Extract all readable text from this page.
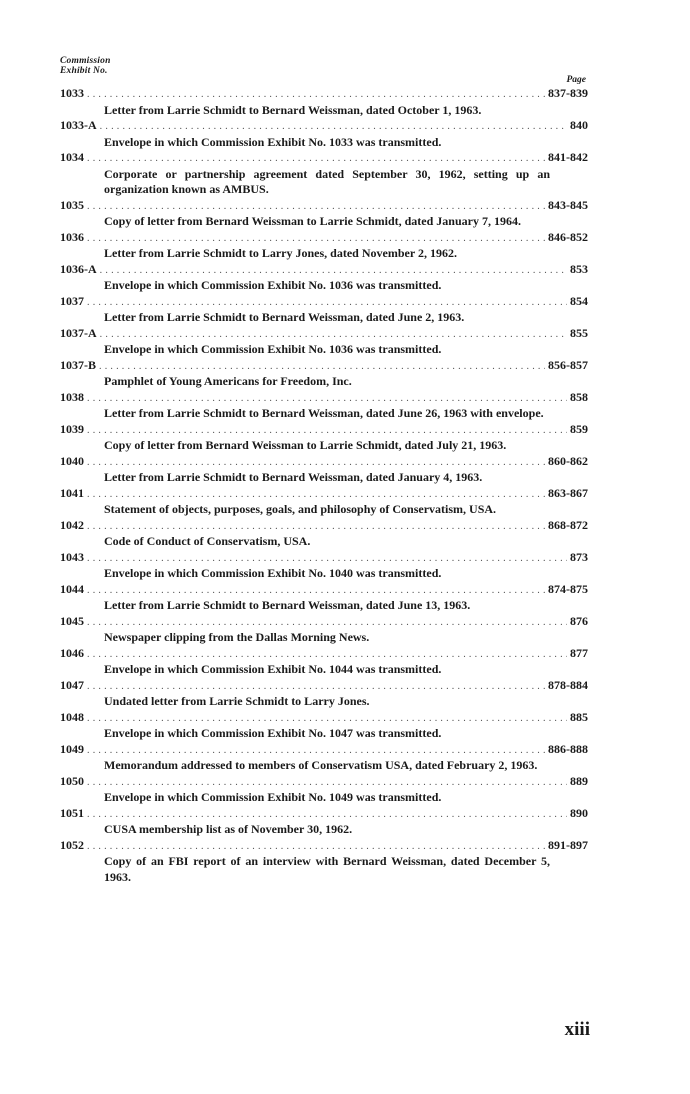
Commission
Exhibit No.
Page
1033 .....	837-839
Letter from Larrie Schmidt to Bernard Weissman, dated October 1, 1963.
1033-A .....	840
Envelope in which Commission Exhibit No. 1033 was transmitted.
1034 .....	841-842
Corporate or partnership agreement dated September 30, 1962, setting up an organization known as AMBUS.
1035 .....	843-845
Copy of letter from Bernard Weissman to Larrie Schmidt, dated January 7, 1964.
1036 .....	846-852
Letter from Larrie Schmidt to Larry Jones, dated November 2, 1962.
1036-A .....	853
Envelope in which Commission Exhibit No. 1036 was transmitted.
1037 .....	854
Letter from Larrie Schmidt to Bernard Weissman, dated June 2, 1963.
1037-A .....	855
Envelope in which Commission Exhibit No. 1036 was transmitted.
1037-B .....	856-857
Pamphlet of Young Americans for Freedom, Inc.
1038 .....	858
Letter from Larrie Schmidt to Bernard Weissman, dated June 26, 1963 with envelope.
1039 .....	859
Copy of letter from Bernard Weissman to Larrie Schmidt, dated July 21, 1963.
1040 .....	860-862
Letter from Larrie Schmidt to Bernard Weissman, dated January 4, 1963.
1041 .....	863-867
Statement of objects, purposes, goals, and philosophy of Conservatism, USA.
1042 .....	868-872
Code of Conduct of Conservatism, USA.
1043 .....	873
Envelope in which Commission Exhibit No. 1040 was transmitted.
1044 .....	874-875
Letter from Larrie Schmidt to Bernard Weissman, dated June 13, 1963.
1045 .....	876
Newspaper clipping from the Dallas Morning News.
1046 .....	877
Envelope in which Commission Exhibit No. 1044 was transmitted.
1047 .....	878-884
Undated letter from Larrie Schmidt to Larry Jones.
1048 .....	885
Envelope in which Commission Exhibit No. 1047 was transmitted.
1049 .....	886-888
Memorandum addressed to members of Conservatism USA, dated February 2, 1963.
1050 .....	889
Envelope in which Commission Exhibit No. 1049 was transmitted.
1051 .....	890
CUSA membership list as of November 30, 1962.
1052 .....	891-897
Copy of an FBI report of an interview with Bernard Weissman, dated December 5, 1963.
xiii
